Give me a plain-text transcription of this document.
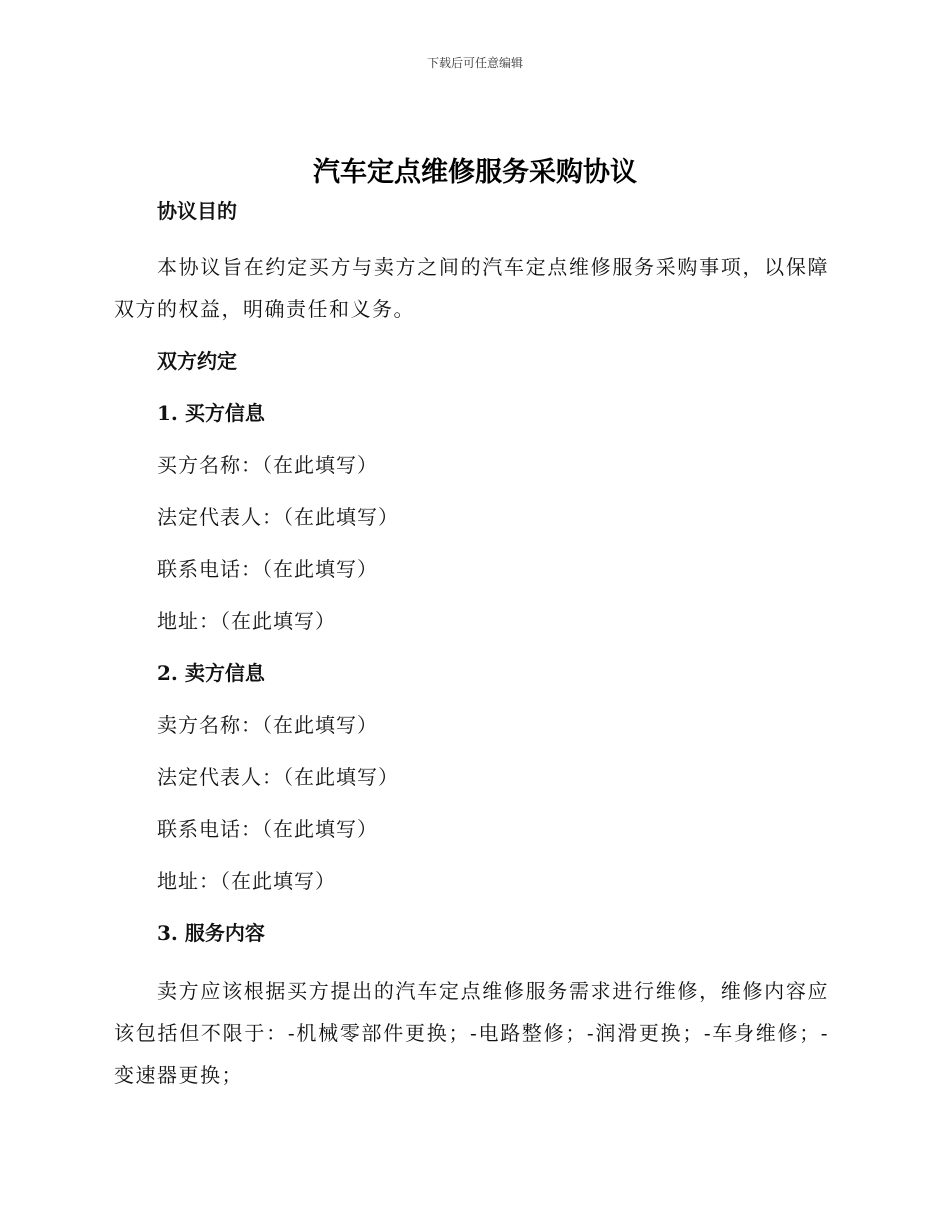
下载后可任意编辑
汽车定点维修服务采购协议

协议目的

本协议旨在约定买方与卖方之间的汽车定点维修服务采购事项，以保障双方的权益，明确责任和义务。

双方约定

1. 买方信息

买方名称：（在此填写）

法定代表人：（在此填写）

联系电话：（在此填写）

地址：（在此填写）

2. 卖方信息

卖方名称：（在此填写）

法定代表人：（在此填写）

联系电话：（在此填写）

地址：（在此填写）

3. 服务内容

卖方应该根据买方提出的汽车定点维修服务需求进行维修，维修内容应该包括但不限于：-机械零部件更换；-电路整修；-润滑更换；-车身维修；-变速器更换；
